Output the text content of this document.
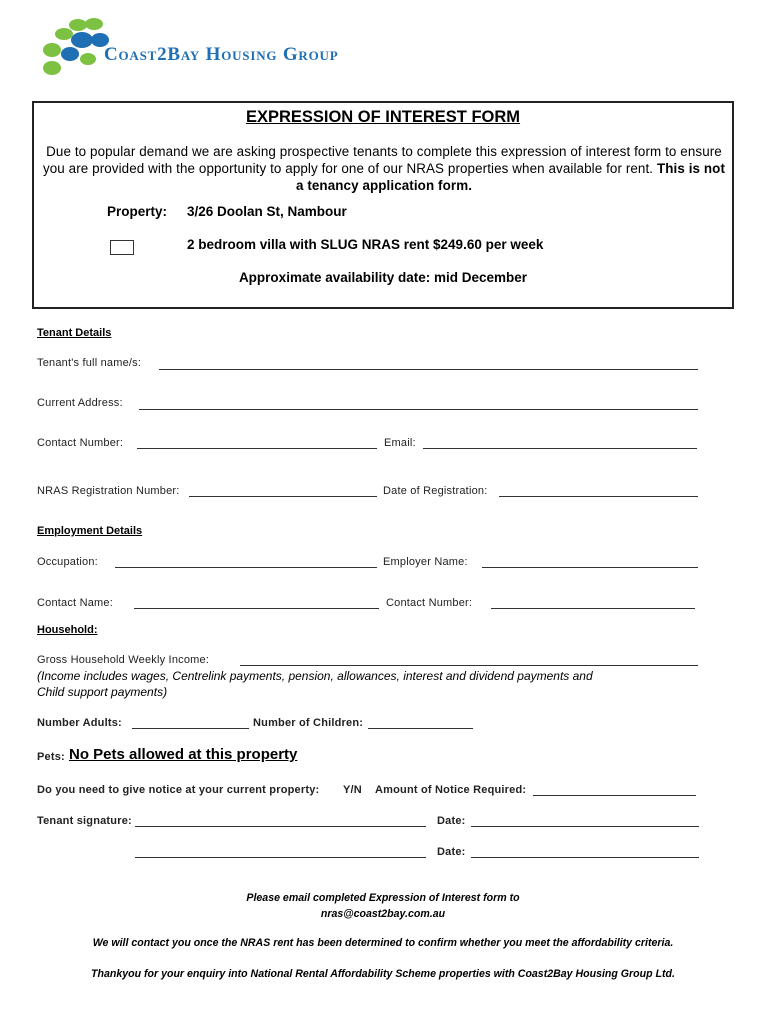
Coast2Bay Housing Group
EXPRESSION OF INTEREST FORM
Due to popular demand we are asking prospective tenants to complete this expression of interest form to ensure you are provided with the opportunity to apply for one of our NRAS properties when available for rent. This is not a tenancy application form.
Property: 3/26 Doolan St, Nambour
2 bedroom villa with SLUG NRAS rent $249.60 per week
Approximate availability date: mid December
Tenant Details
Tenant's full name/s:
Current Address:
Contact Number:	Email:
NRAS Registration Number:	Date of Registration:
Employment Details
Occupation:	Employer Name:
Contact Name:	Contact Number:
Household:
Gross Household Weekly Income:
(Income includes wages, Centrelink payments, pension, allowances, interest and dividend payments and
Child support payments)
Number Adults:	Number of Children:
Pets: No Pets allowed at this property
Do you need to give notice at your current property: Y/N Amount of Notice Required:
Tenant signature:	Date:
Date:
Please email completed Expression of Interest form to
nras@coast2bay.com.au
We will contact you once the NRAS rent has been determined to confirm whether you meet the affordability criteria.
Thankyou for your enquiry into National Rental Affordability Scheme properties with Coast2Bay Housing Group Ltd.
